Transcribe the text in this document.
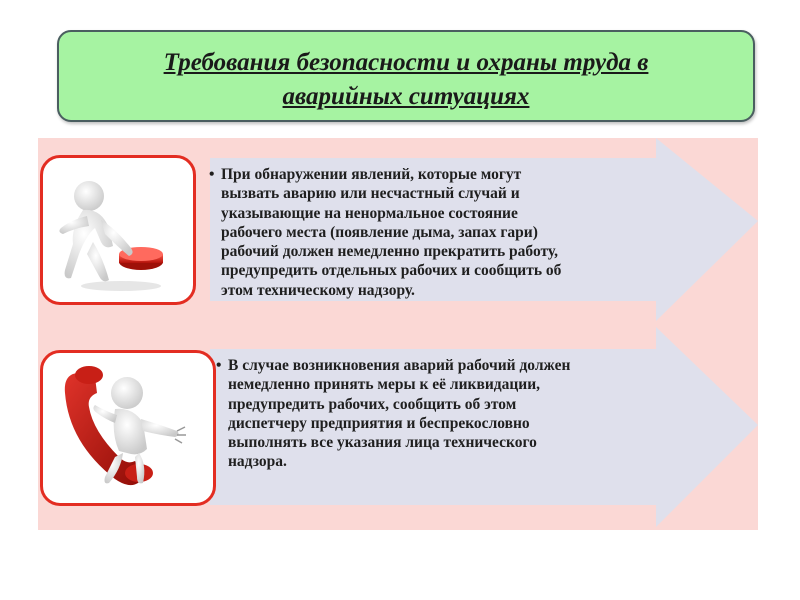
Требования безопасности и охраны труда в
аварийных ситуациях
• При обнаружении явлений, которые могут
вызвать аварию или несчастный случай и
указывающие на ненормальное состояние
рабочего места (появление дыма, запах гари)
рабочий должен немедленно прекратить работу,
предупредить отдельных рабочих и сообщить об
этом техническому надзору.
• В случае возникновения аварий рабочий должен
немедленно принять меры к её ликвидации,
предупредить рабочих, сообщить об этом
диспетчеру предприятия и беспрекословно
выполнять все указания лица технического
надзора.
